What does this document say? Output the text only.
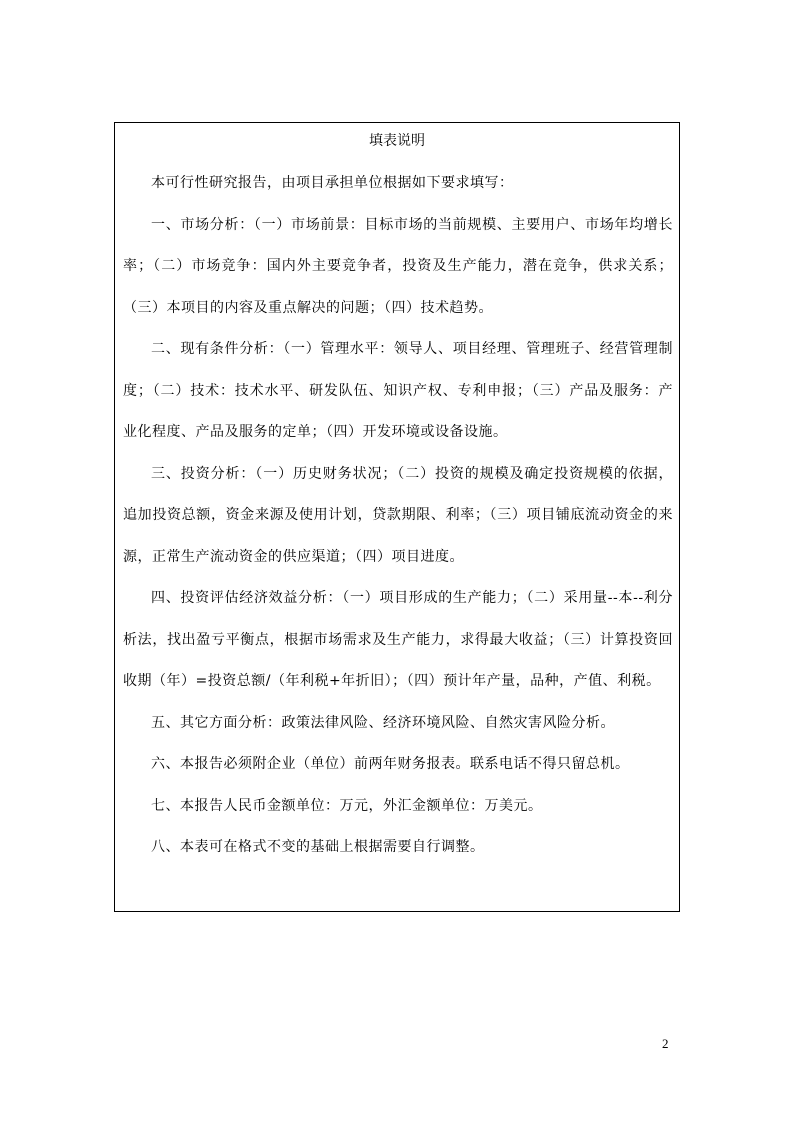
填表说明

本可行性研究报告，由项目承担单位根据如下要求填写：

一、市场分析：（一）市场前景：目标市场的当前规模、主要用户、市场年均增长率；（二）市场竞争：国内外主要竞争者，投资及生产能力，潜在竞争，供求关系；（三）本项目的内容及重点解决的问题；（四）技术趋势。

二、现有条件分析：（一）管理水平：领导人、项目经理、管理班子、经营管理制度；（二）技术：技术水平、研发队伍、知识产权、专利申报；（三）产品及服务：产业化程度、产品及服务的定单；（四）开发环境或设备设施。

三、投资分析：（一）历史财务状况；（二）投资的规模及确定投资规模的依据，追加投资总额，资金来源及使用计划，贷款期限、利率；（三）项目铺底流动资金的来源，正常生产流动资金的供应渠道；（四）项目进度。

四、投资评估经济效益分析：（一）项目形成的生产能力；（二）采用量--本--利分析法，找出盈亏平衡点，根据市场需求及生产能力，求得最大收益；（三）计算投资回收期（年）=投资总额/（年利税+年折旧）；（四）预计年产量，品种，产值、利税。

五、其它方面分析：政策法律风险、经济环境风险、自然灾害风险分析。

六、本报告必须附企业（单位）前两年财务报表。联系电话不得只留总机。

七、本报告人民币金额单位：万元，外汇金额单位：万美元。

八、本表可在格式不变的基础上根据需要自行调整。

2
